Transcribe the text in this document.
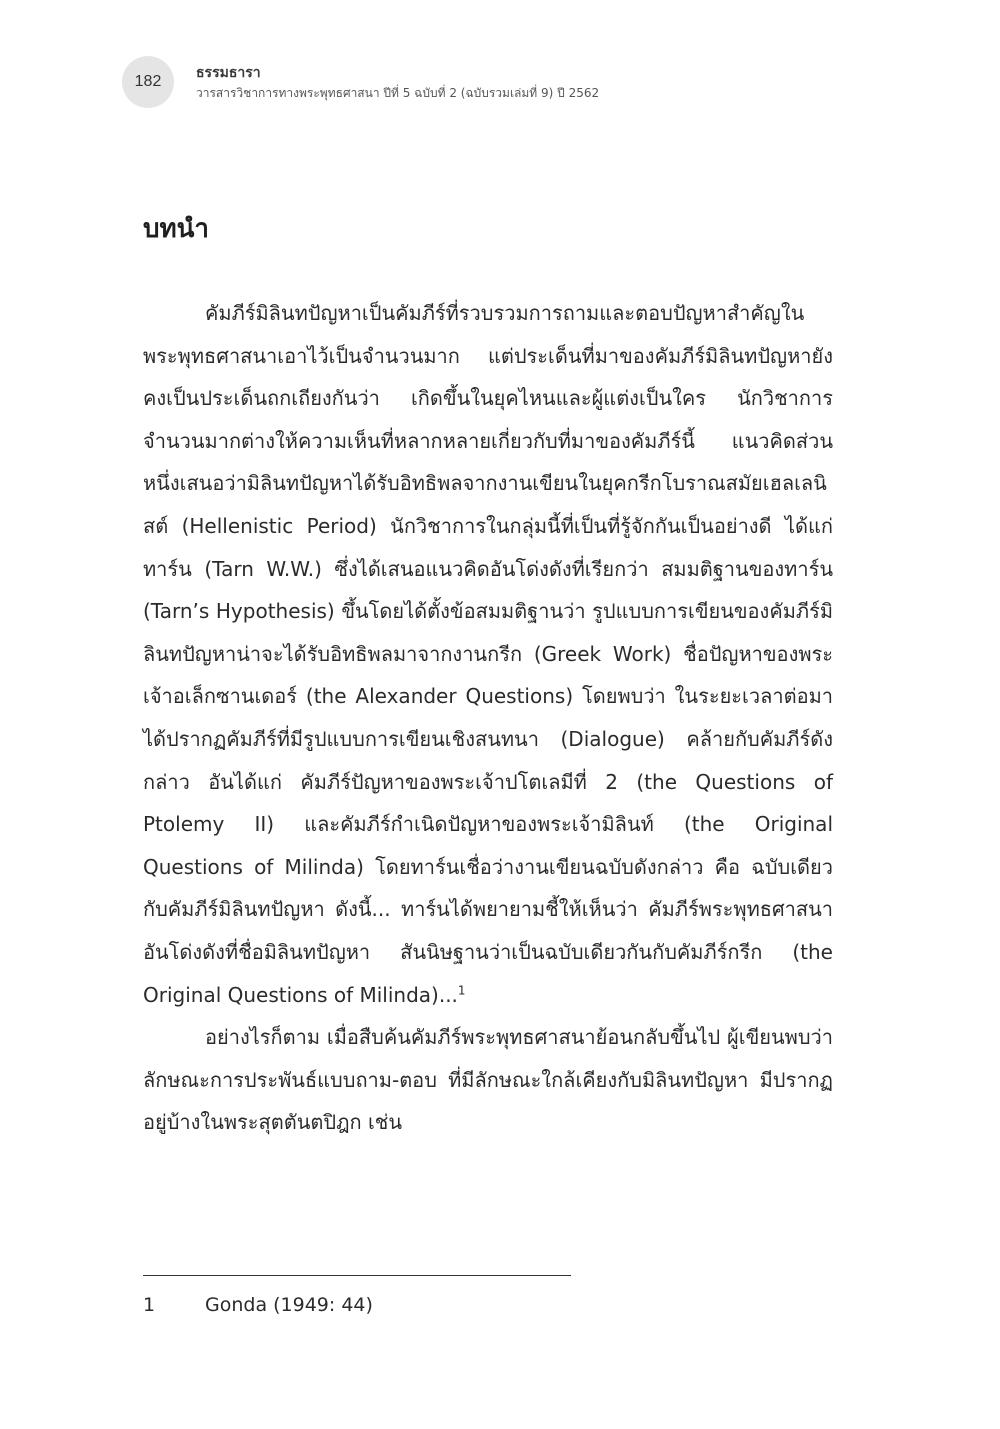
182 ธรรมธารา
วารสารวิชาการทางพระพุทธศาสนา ปีที่ 5 ฉบับที่ 2 (ฉบับรวมเล่มที่ 9) ปี 2562
บทนำ

คัมภีร์มิลินทปัญหาเป็นคัมภีร์ที่รวบรวมการถามและตอบปัญหาสำคัญในพระพุทธศาสนาเอาไว้เป็นจำนวนมาก แต่ประเด็นที่มาของคัมภีร์มิลินทปัญหายังคงเป็นประเด็นถกเถียงกันว่า เกิดขึ้นในยุคไหนและผู้แต่งเป็นใคร นักวิชาการจำนวนมากต่างให้ความเห็นที่หลากหลายเกี่ยวกับที่มาของคัมภีร์นี้ แนวคิดส่วนหนึ่งเสนอว่ามิลินทปัญหาได้รับอิทธิพลจากงานเขียนในยุคกรีกโบราณสมัยเฮลเลนิสต์ (Hellenistic Period) นักวิชาการในกลุ่มนี้ที่เป็นที่รู้จักกันเป็นอย่างดี ได้แก่ ทาร์น (Tarn W.W.) ซึ่งได้เสนอแนวคิดอันโด่งดังที่เรียกว่า สมมติฐานของทาร์น (Tarn’s Hypothesis) ขึ้นโดยได้ตั้งข้อสมมติฐานว่า รูปแบบการเขียนของคัมภีร์มิลินทปัญหาน่าจะได้รับอิทธิพลมาจากงานกรีก (Greek Work) ชื่อปัญหาของพระเจ้าอเล็กซานเดอร์ (the Alexander Questions) โดยพบว่า ในระยะเวลาต่อมาได้ปรากฏคัมภีร์ที่มีรูปแบบการเขียนเชิงสนทนา (Dialogue) คล้ายกับคัมภีร์ดังกล่าว อันได้แก่ คัมภีร์ปัญหาของพระเจ้าปโตเลมีที่ 2 (the Questions of Ptolemy II) และคัมภีร์กำเนิดปัญหาของพระเจ้ามิลินท์ (the Original Questions of Milinda) โดยทาร์นเชื่อว่างานเขียนฉบับดังกล่าว คือ ฉบับเดียวกับคัมภีร์มิลินทปัญหา ดังนี้... ทาร์นได้พยายามชี้ให้เห็นว่า คัมภีร์พระพุทธศาสนาอันโด่งดังที่ชื่อมิลินทปัญหา สันนิษฐานว่าเป็นฉบับเดียวกันกับคัมภีร์กรีก (the Original Questions of Milinda)...$^1$

อย่างไรก็ตาม เมื่อสืบค้นคัมภีร์พระพุทธศาสนาย้อนกลับขึ้นไป ผู้เขียนพบว่า ลักษณะการประพันธ์แบบถาม-ตอบ ที่มีลักษณะใกล้เคียงกับมิลินทปัญหา มีปรากฏอยู่บ้างในพระสุตตันตปิฎก เช่น

1	Gonda (1949: 44)
